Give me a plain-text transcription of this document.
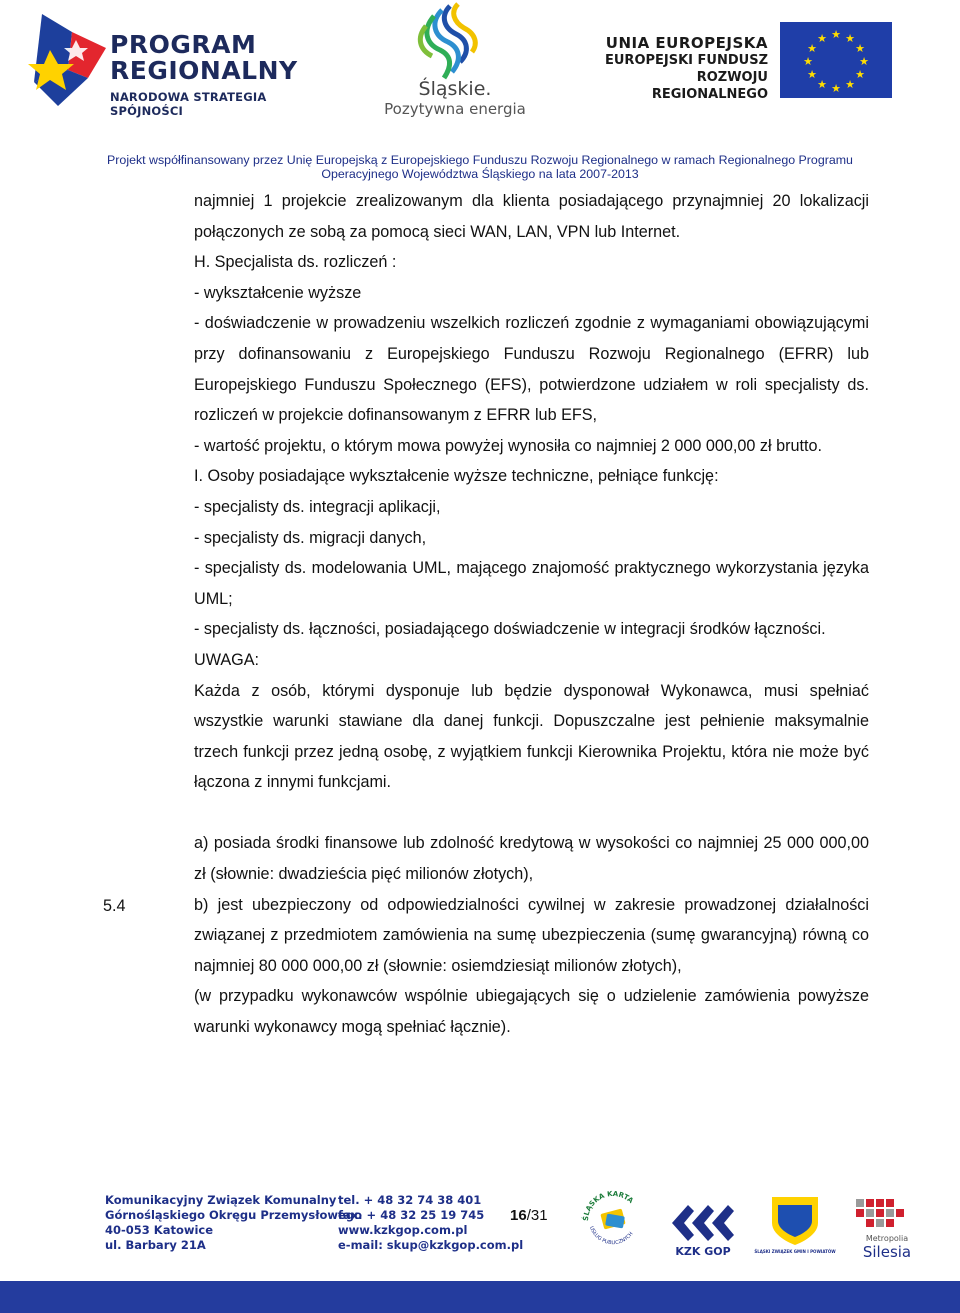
PROGRAM
REGIONALNY
NARODOWA STRATEGIA SPÓJNOŚCI
Śląskie.
Pozytywna energia
UNIA EUROPEJSKA
EUROPEJSKI FUNDUSZ
ROZWOJU REGIONALNEGO
★ ★
★
★
★
★
★
★
★
★
★
★
Projekt współfinansowany przez Unię Europejską z Europejskiego Funduszu Rozwoju Regionalnego w ramach Regionalnego Programu
Operacyjnego Województwa Śląskiego na lata 2007-2013
5.4

najmniej 1 projekcie zrealizowanym dla klienta posiadającego przynajmniej 20 lokalizacji połączonych ze sobą za pomocą sieci WAN, LAN, VPN lub Internet.

H. Specjalista ds. rozliczeń :

- wykształcenie wyższe

- doświadczenie w prowadzeniu wszelkich rozliczeń zgodnie z wymaganiami obowiązującymi przy dofinansowaniu z Europejskiego Funduszu Rozwoju Regionalnego (EFRR) lub Europejskiego Funduszu Społecznego (EFS), potwierdzone udziałem w roli specjalisty ds. rozliczeń w projekcie dofinansowanym z EFRR lub EFS,

- wartość projektu, o którym mowa powyżej wynosiła co najmniej 2 000 000,00 zł brutto.

I. Osoby posiadające wykształcenie wyższe techniczne, pełniące funkcję:

- specjalisty ds. integracji aplikacji,

- specjalisty ds. migracji danych,

- specjalisty ds. modelowania UML, mającego znajomość praktycznego wykorzystania języka UML;

- specjalisty ds. łączności, posiadającego doświadczenie w integracji środków łączności.

UWAGA:

Każda z osób, którymi dysponuje lub będzie dysponował Wykonawca, musi spełniać wszystkie warunki stawiane dla danej funkcji. Dopuszczalne jest pełnienie maksymalnie trzech funkcji przez jedną osobę, z wyjątkiem funkcji Kierownika Projektu, która nie może być łączona z innymi funkcjami.

a) posiada środki finansowe lub zdolność kredytową w wysokości co najmniej 25 000 000,00 zł (słownie: dwadzieścia pięć milionów złotych),

b) jest ubezpieczony od odpowiedzialności cywilnej w zakresie prowadzonej działalności związanej z przedmiotem zamówienia na sumę ubezpieczenia (sumę gwarancyjną) równą co najmniej 80 000 000,00 zł (słownie: osiemdziesiąt milionów złotych),

(w przypadku wykonawców wspólnie ubiegających się o udzielenie zamówienia powyższe warunki wykonawcy mogą spełniać łącznie).

Komunikacyjny Związek Komunalny
Górnośląskiego Okręgu Przemysłowego
40-053 Katowice
ul. Barbary 21A
tel. + 48 32 74 38 401
fax. + 48 32 25 19 745
www.kzkgop.com.pl
e-mail: skup@kzkgop.com.pl
16/31	ŚLĄSKA KARTA
USŁUG PUBLICZNYCH
KZK GOP	ŚLĄSKI ZWIĄZEK GMIN I POWIATÓW
Metropolia
Silesia
